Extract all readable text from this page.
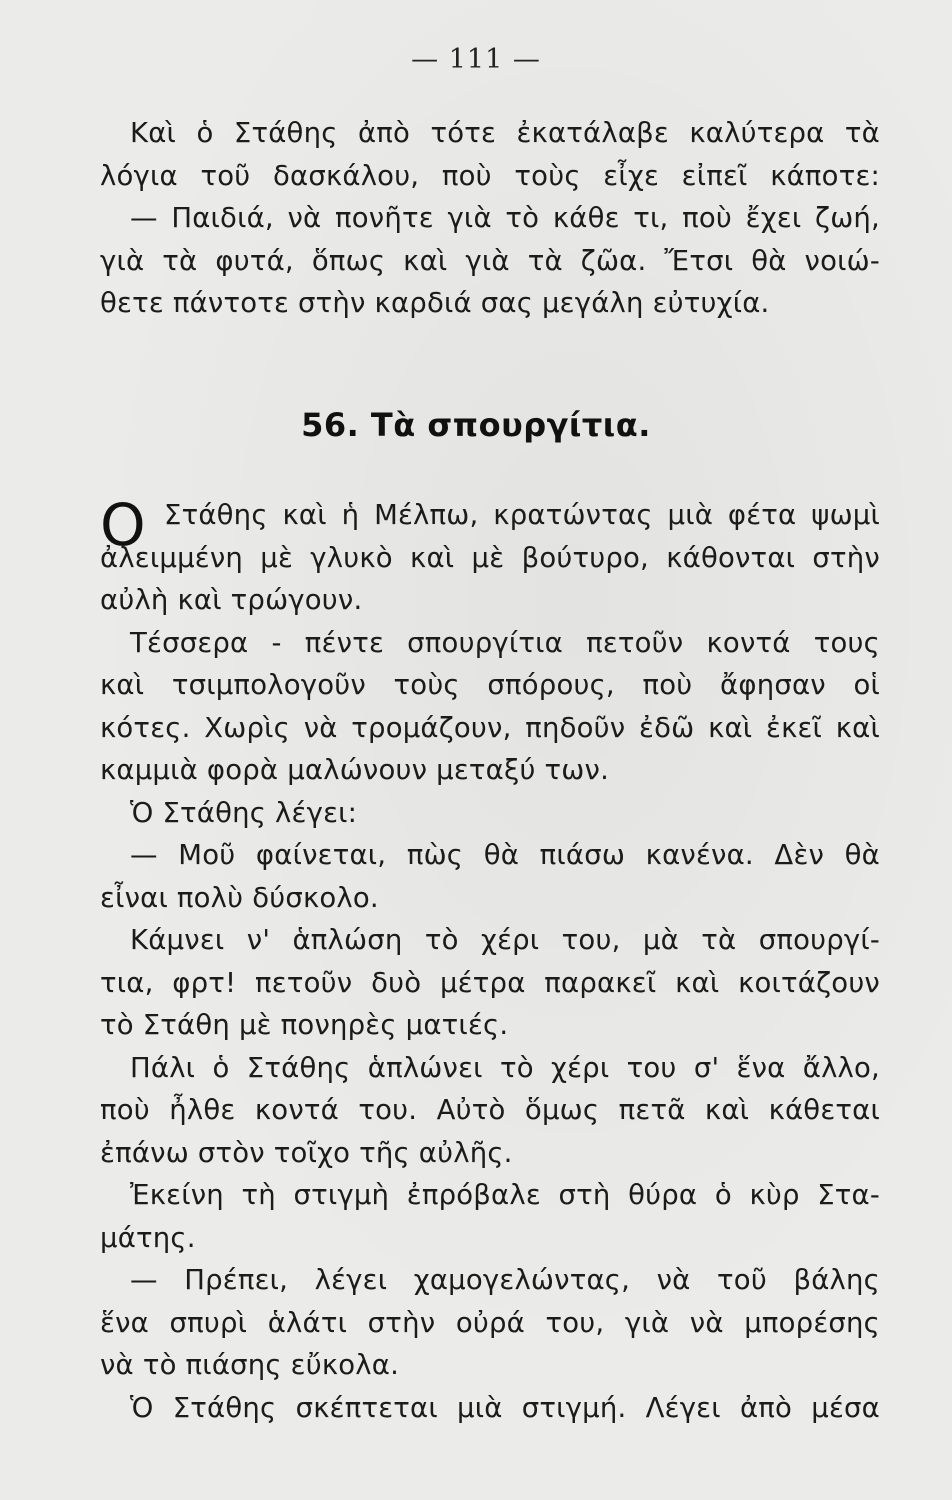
— 111 —
Καὶ ὁ Στάθης ἀπὸ τότε ἐκατάλαβε καλύτερα τὰ
λόγια τοῦ δασκάλου, ποὺ τοὺς εἶχε εἰπεῖ κάποτε:
— Παιδιά, νὰ πονῆτε γιὰ τὸ κάθε τι, ποὺ ἔχει ζωή,
γιὰ τὰ φυτά, ὅπως καὶ γιὰ τὰ ζῶα. Ἔτσι θὰ νοιώ-
θετε πάντοτε στὴν καρδιά σας μεγάλη εὐτυχία.
56. Τὰ σπουργίτια.
Ο Στάθης καὶ ἡ Μέλπω, κρατώντας μιὰ φέτα ψωμὶ
ἀλειμμένη μὲ γλυκὸ καὶ μὲ βούτυρο, κάθονται στὴν
αὐλὴ καὶ τρώγουν.
Τέσσερα - πέντε σπουργίτια πετοῦν κοντά τους
καὶ τσιμπολογοῦν τοὺς σπόρους, ποὺ ἄφησαν οἱ
κότες. Χωρὶς νὰ τρομάζουν, πηδοῦν ἐδῶ καὶ ἐκεῖ καὶ
καμμιὰ φορὰ μαλώνουν μεταξύ των.
Ὁ Στάθης λέγει:
— Μοῦ φαίνεται, πὼς θὰ πιάσω κανένα. Δὲν θὰ
εἶναι πολὺ δύσκολο.
Κάμνει ν' ἁπλώση τὸ χέρι του, μὰ τὰ σπουργί-
τια, φρτ! πετοῦν δυὸ μέτρα παρακεῖ καὶ κοιτάζουν
τὸ Στάθη μὲ πονηρὲς ματιές.
Πάλι ὁ Στάθης ἁπλώνει τὸ χέρι του σ' ἕνα ἄλλο,
ποὺ ἦλθε κοντά του. Αὐτὸ ὅμως πετᾶ καὶ κάθεται
ἐπάνω στὸν τοῖχο τῆς αὐλῆς.
Ἐκείνη τὴ στιγμὴ ἐπρόβαλε στὴ θύρα ὁ κὺρ Στα-
μάτης.
— Πρέπει, λέγει χαμογελώντας, νὰ τοῦ βάλης
ἕνα σπυρὶ ἁλάτι στὴν οὐρά του, γιὰ νὰ μπορέσης
νὰ τὸ πιάσης εὔκολα.
Ὁ Στάθης σκέπτεται μιὰ στιγμή. Λέγει ἀπὸ μέσα
